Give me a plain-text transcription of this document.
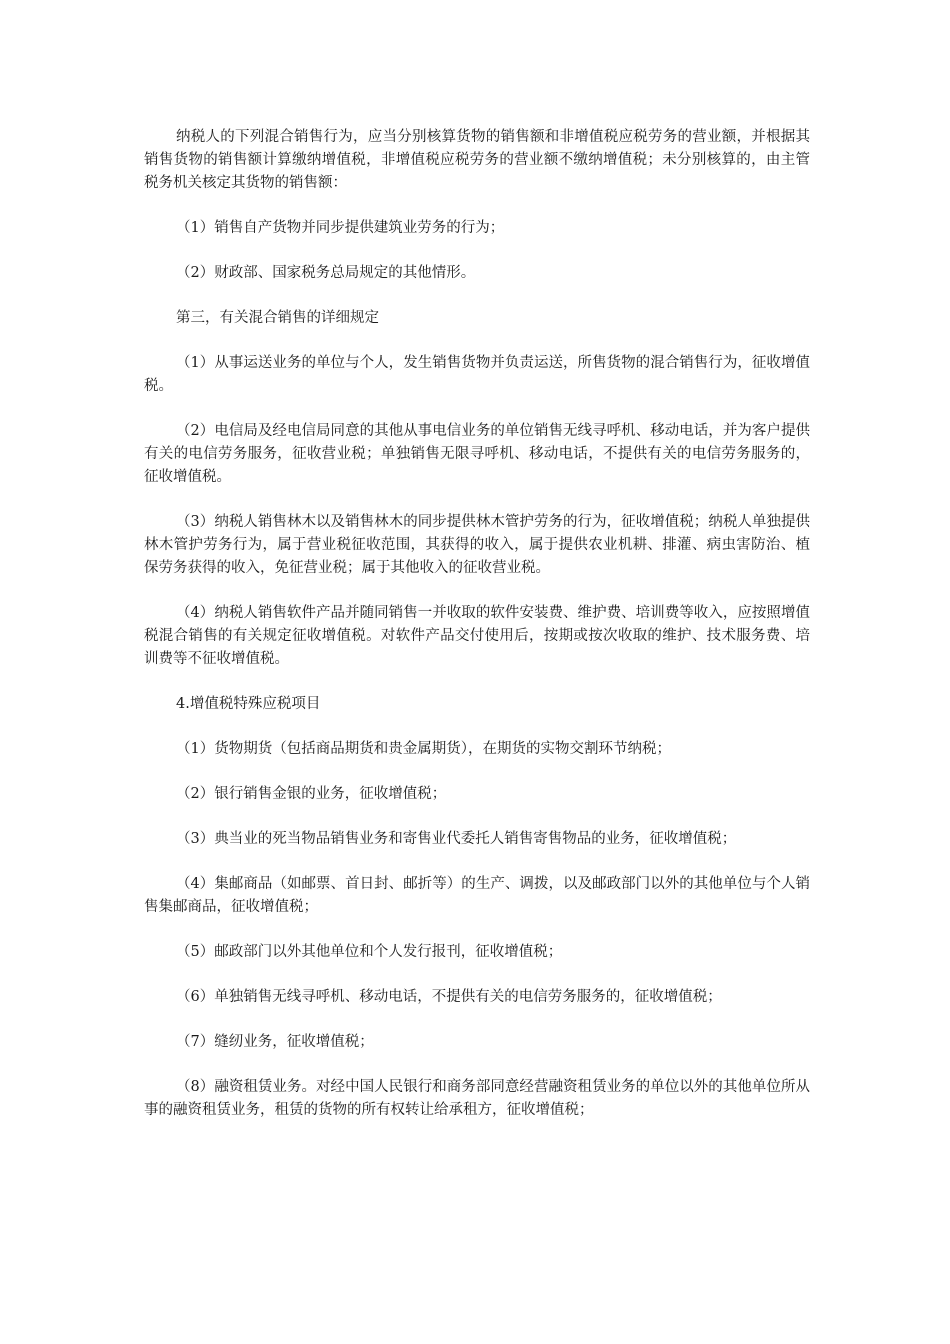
纳税人的下列混合销售行为，应当分别核算货物的销售额和非增值税应税劳务的营业额，并根据其销售货物的销售额计算缴纳增值税，非增值税应税劳务的营业额不缴纳增值税；未分别核算的，由主管税务机关核定其货物的销售额：

（1）销售自产货物并同步提供建筑业劳务的行为；

（2）财政部、国家税务总局规定的其他情形。

第三，有关混合销售的详细规定

（1）从事运送业务的单位与个人，发生销售货物并负责运送，所售货物的混合销售行为，征收增值税。

（2）电信局及经电信局同意的其他从事电信业务的单位销售无线寻呼机、移动电话，并为客户提供有关的电信劳务服务，征收营业税；单独销售无限寻呼机、移动电话，不提供有关的电信劳务服务的，征收增值税。

（3）纳税人销售林木以及销售林木的同步提供林木管护劳务的行为，征收增值税；纳税人单独提供林木管护劳务行为，属于营业税征收范围，其获得的收入，属于提供农业机耕、排灌、病虫害防治、植保劳务获得的收入，免征营业税；属于其他收入的征收营业税。

（4）纳税人销售软件产品并随同销售一并收取的软件安装费、维护费、培训费等收入，应按照增值税混合销售的有关规定征收增值税。对软件产品交付使用后，按期或按次收取的维护、技术服务费、培训费等不征收增值税。

4.增值税特殊应税项目

（1）货物期货（包括商品期货和贵金属期货），在期货的实物交割环节纳税；

（2）银行销售金银的业务，征收增值税；

（3）典当业的死当物品销售业务和寄售业代委托人销售寄售物品的业务，征收增值税；

（4）集邮商品（如邮票、首日封、邮折等）的生产、调拨，以及邮政部门以外的其他单位与个人销售集邮商品，征收增值税；

（5）邮政部门以外其他单位和个人发行报刊，征收增值税；

（6）单独销售无线寻呼机、移动电话，不提供有关的电信劳务服务的，征收增值税；

（7）缝纫业务，征收增值税；

（8）融资租赁业务。对经中国人民银行和商务部同意经营融资租赁业务的单位以外的其他单位所从事的融资租赁业务，租赁的货物的所有权转让给承租方，征收增值税；
